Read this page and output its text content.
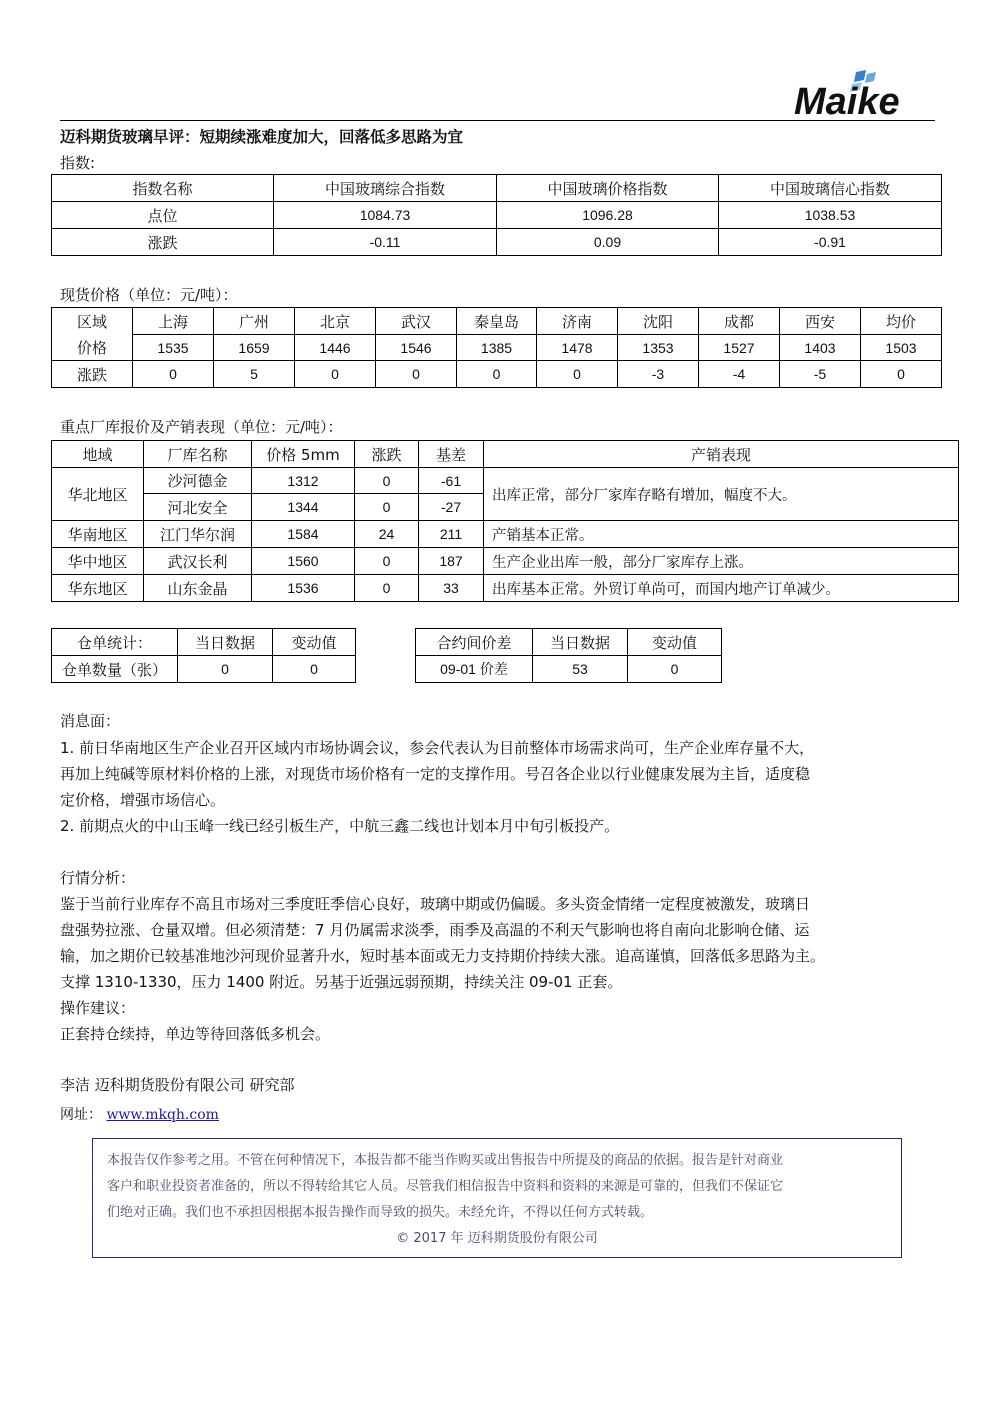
Maike
迈科期货玻璃早评：短期续涨难度加大，回落低多思路为宜
指数:
指数名称	中国玻璃综合指数	中国玻璃价格指数	中国玻璃信心指数
点位	1084.73	1096.28	1038.53
涨跌	-0.11	0.09	-0.91
现货价格（单位：元/吨）：
区域	上海	广州	北京	武汉	秦皇岛	济南	沈阳	成都	西安	均价
价格	1535	1659	1446	1546	1385	1478	1353	1527	1403	1503
涨跌	0	5	0	0	0	0	-3	-4	-5	0
重点厂库报价及产销表现（单位：元/吨）：
地域	厂库名称	价格 5mm	涨跌	基差	产销表现
华北地区	沙河德金	1312	0	-61	出库正常，部分厂家库存略有增加，幅度不大。
	河北安全	1344	0	-27	
华南地区	江门华尔润	1584	24	211	产销基本正常。
华中地区	武汉长利	1560	0	187	生产企业出库一般，部分厂家库存上涨。
华东地区	山东金晶	1536	0	33	出库基本正常。外贸订单尚可，而国内地产订单减少。
仓单统计：	当日数据	变动值
仓单数量（张）	0	0
合约间价差	当日数据	变动值
09-01 价差	53	0
消息面：
1. 前日华南地区生产企业召开区域内市场协调会议，参会代表认为目前整体市场需求尚可，生产企业库存量不大，
再加上纯碱等原材料价格的上涨，对现货市场价格有一定的支撑作用。号召各企业以行业健康发展为主旨，适度稳
定价格，增强市场信心。
2. 前期点火的中山玉峰一线已经引板生产，中航三鑫二线也计划本月中旬引板投产。
行情分析：
鉴于当前行业库存不高且市场对三季度旺季信心良好，玻璃中期或仍偏暖。多头资金情绪一定程度被激发，玻璃日
盘强势拉涨、仓量双增。但必须清楚：7 月仍属需求淡季，雨季及高温的不利天气影响也将自南向北影响仓储、运
输，加之期价已较基准地沙河现价显著升水，短时基本面或无力支持期价持续大涨。追高谨慎，回落低多思路为主。
支撑 1310-1330，压力 1400 附近。另基于近强远弱预期，持续关注 09-01 正套。
操作建议：
正套持仓续持，单边等待回落低多机会。
李洁 迈科期货股份有限公司 研究部
网址： www.mkqh.com
本报告仅作参考之用。不管在何种情况下，本报告都不能当作购买或出售报告中所提及的商品的依据。报告是针对商业
客户和职业投资者准备的，所以不得转给其它人员。尽管我们相信报告中资料和资料的来源是可靠的，但我们不保证它
们绝对正确。我们也不承担因根据本报告操作而导致的损失。未经允许，不得以任何方式转载。
© 2017 年 迈科期货股份有限公司
